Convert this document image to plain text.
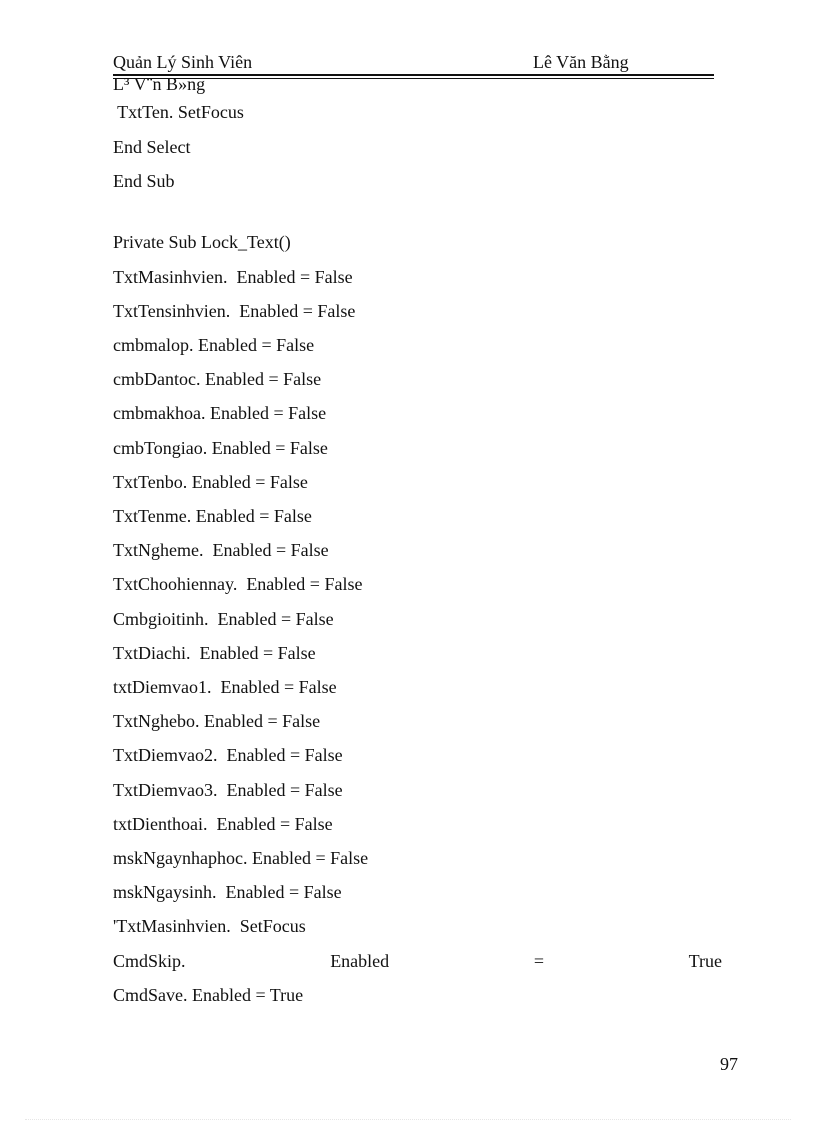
Quản Lý Sinh Viên	Lê Văn Bằng
L³ V¨n B»ng
TxtTen. SetFocus
End Select
End Sub
Private Sub Lock_Text()
TxtMasinhvien.  Enabled = False
TxtTensinhvien.  Enabled = False
cmbmalop. Enabled = False
cmbDantoc. Enabled = False
cmbmakhoa. Enabled = False
cmbTongiao. Enabled = False
TxtTenbo. Enabled = False
TxtTenme. Enabled = False
TxtNgheme.  Enabled = False
TxtChoohiennay.  Enabled = False
Cmbgioitinh.  Enabled = False
TxtDiachi.  Enabled = False
txtDiemvao1.  Enabled = False
TxtNghebo. Enabled = False
TxtDiemvao2.  Enabled = False
TxtDiemvao3.  Enabled = False
txtDienthoai.  Enabled = False
mskNgaynhaphoc. Enabled = False
mskNgaysinh.  Enabled = False
'TxtMasinhvien.  SetFocus
CmdSkip.	Enabled	=	True
CmdSave. Enabled = True
97
